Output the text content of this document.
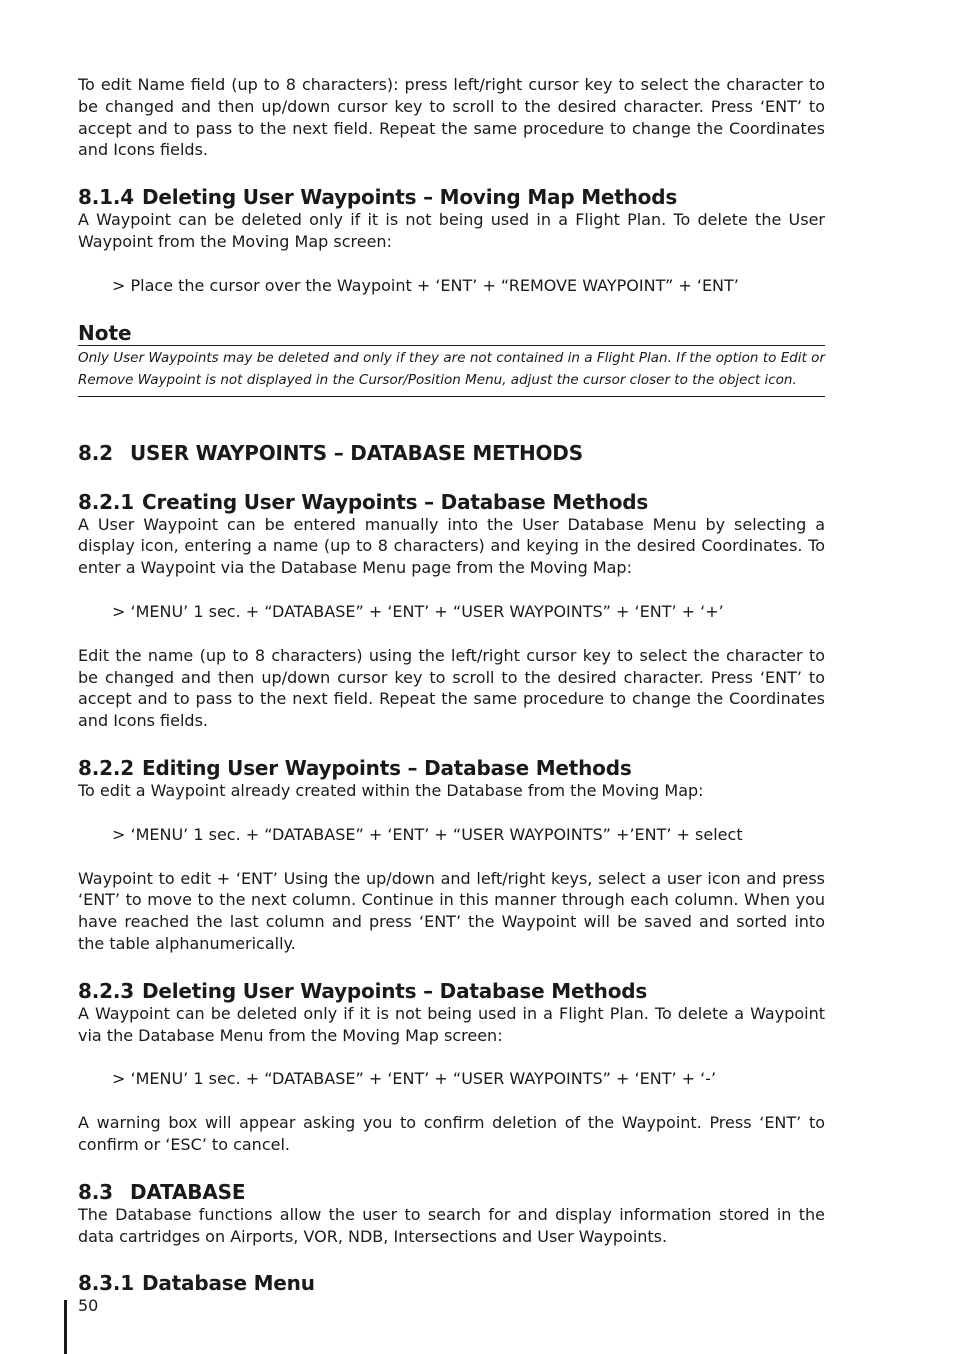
To edit Name field (up to 8 characters): press left/right cursor key to select the character to be changed and then up/down cursor key to scroll to the desired character. Press ‘ENT’ to accept and to pass to the next field. Repeat the same procedure to change the Coordinates and Icons fields.

8.1.4 Deleting User Waypoints – Moving Map Methods

A Waypoint can be deleted only if it is not being used in a Flight Plan. To delete the User Waypoint from the Moving Map screen:

> Place the cursor over the Waypoint + ‘ENT’ + “REMOVE WAYPOINT” + ‘ENT’

Note
Only User Waypoints may be deleted and only if they are not contained in a Flight Plan. If the option to Edit or Remove Waypoint is not displayed in the Cursor/Position Menu, adjust the cursor closer to the object icon.
8.2 USER WAYPOINTS – DATABASE METHODS
8.2.1 Creating User Waypoints – Database Methods

A User Waypoint can be entered manually into the User Database Menu by selecting a display icon, entering a name (up to 8 characters) and keying in the desired Coordinates. To enter a Waypoint via the Database Menu page from the Moving Map:

> ‘MENU’ 1 sec. + “DATABASE” + ‘ENT’ + “USER WAYPOINTS” + ‘ENT’ + ‘+’

Edit the name (up to 8 characters) using the left/right cursor key to select the character to be changed and then up/down cursor key to scroll to the desired character. Press ‘ENT’ to accept and to pass to the next field. Repeat the same procedure to change the Coordinates and Icons fields.

8.2.2 Editing User Waypoints – Database Methods

To edit a Waypoint already created within the Database from the Moving Map:

> ‘MENU’ 1 sec. + “DATABASE” + ‘ENT’ + “USER WAYPOINTS” +’ENT’ + select

Waypoint to edit + ‘ENT’ Using the up/down and left/right keys, select a user icon and press ‘ENT’ to move to the next column. Continue in this manner through each column. When you have reached the last column and press ‘ENT’ the Waypoint will be saved and sorted into the table alphanumerically.

8.2.3 Deleting User Waypoints – Database Methods

A Waypoint can be deleted only if it is not being used in a Flight Plan. To delete a Waypoint via the Database Menu from the Moving Map screen:

> ‘MENU’ 1 sec. + “DATABASE” + ‘ENT’ + “USER WAYPOINTS” + ‘ENT’ + ‘-’

A warning box will appear asking you to confirm deletion of the Waypoint. Press ‘ENT’ to confirm or ‘ESC’ to cancel.

8.3 DATABASE

The Database functions allow the user to search for and display information stored in the data cartridges on Airports, VOR, NDB, Intersections and User Waypoints.

8.3.1 Database Menu
50
